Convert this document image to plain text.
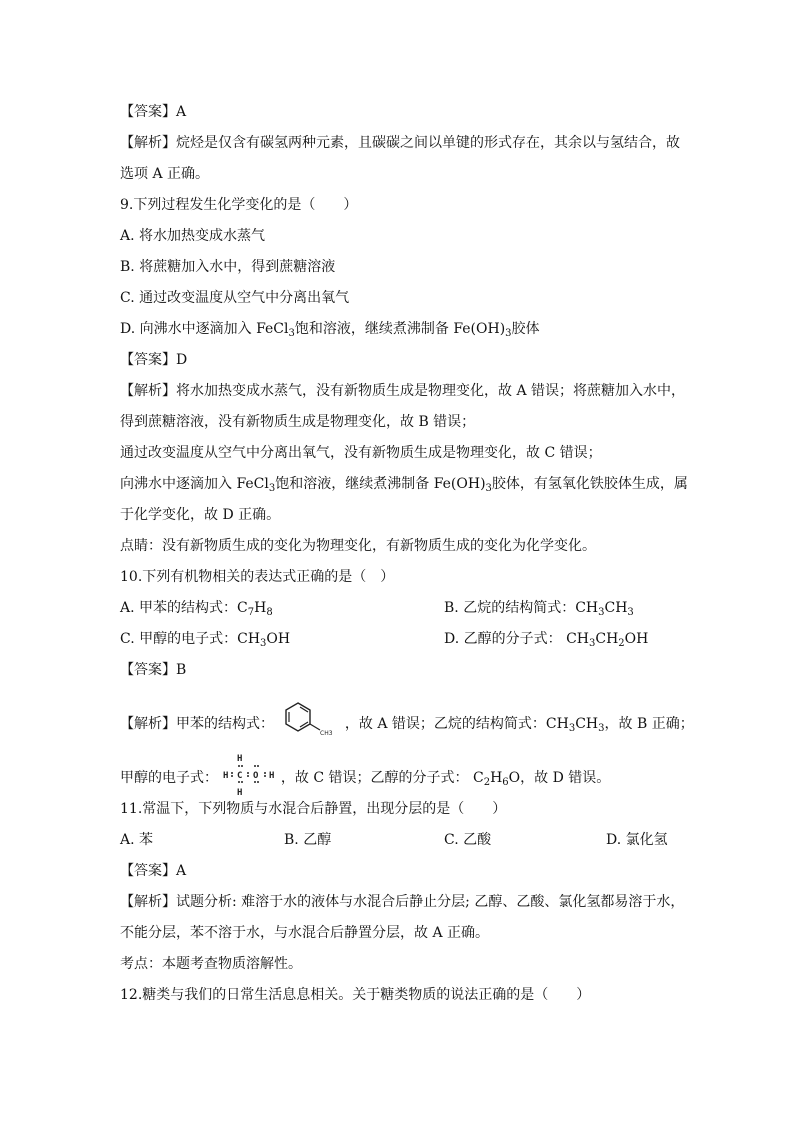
【答案】A
【解析】烷烃是仅含有碳氢两种元素，且碳碳之间以单键的形式存在，其余以与氢结合，故
选项 A 正确。
9.下列过程发生化学变化的是（　　）
A. 将水加热变成水蒸气
B. 将蔗糖加入水中，得到蔗糖溶液
C. 通过改变温度从空气中分离出氧气
D. 向沸水中逐滴加入 FeCl$_3$饱和溶液，继续煮沸制备 $Fe(OH)_3$胶体
【答案】D
【解析】将水加热变成水蒸气，没有新物质生成是物理变化，故 A 错误；将蔗糖加入水中，
得到蔗糖溶液，没有新物质生成是物理变化，故 B 错误；
通过改变温度从空气中分离出氧气，没有新物质生成是物理变化，故 C 错误；
向沸水中逐滴加入 FeCl$_3$饱和溶液，继续煮沸制备 $Fe(OH)_3$胶体，有氢氧化铁胶体生成，属
于化学变化，故 D 正确。
点睛：没有新物质生成的变化为物理变化，有新物质生成的变化为化学变化。
10.下列有机物相关的表达式正确的是（　）
A. 甲苯的结构式：$C_7H_8$	B. 乙烷的结构简式：$CH_3CH_3$
C. 甲醇的电子式：$CH_3OH$	D. 乙醇的分子式： $CH_3CH_2OH$
【答案】B
【解析】甲苯的结构式：
CH3
，故 A 错误；乙烷的结构简式：$CH_3CH_3$，故 B 正确；
甲醇的电子式：
H
H C O H
H
，故 C 错误；乙醇的分子式： $C_2H_6O$，故 D 错误。
11.常温下，下列物质与水混合后静置，出现分层的是（　　）
A. 苯	B. 乙醇	C. 乙酸	D. 氯化氢
【答案】A
【解析】试题分析: 难溶于水的液体与水混合后静止分层; 乙醇、乙酸、氯化氢都易溶于水，
不能分层，苯不溶于水，与水混合后静置分层，故 A 正确。
考点：本题考查物质溶解性。
12.糖类与我们的日常生活息息相关。关于糖类物质的说法正确的是（　　）
